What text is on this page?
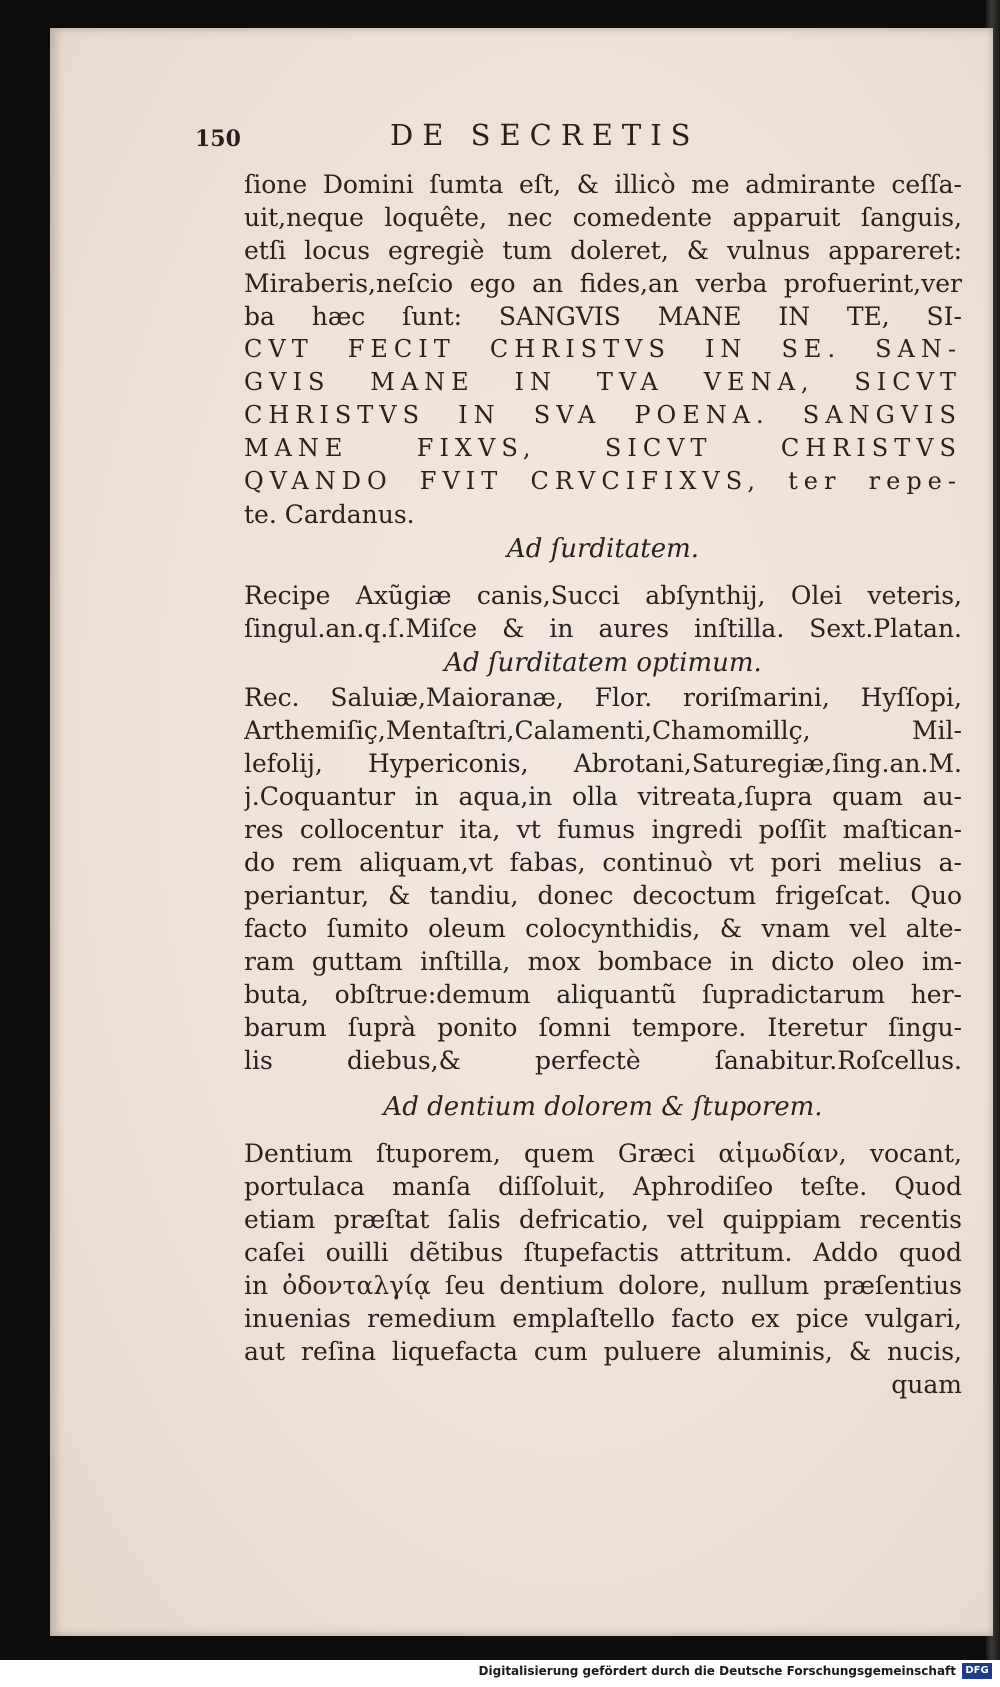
150	DE SECRETIS
ſione Domini ſumta eſt, & illicò me admirante ceſſa-
uit,neque loquête, nec comedente apparuit ſanguis,
etſi locus egregiè tum doleret, & vulnus appareret:
Miraberis,neſcio ego an fides,an verba profuerint,ver
ba hæc ſunt: SANGVIS MANE IN TE, SI-
CVT FECIT CHRISTVS IN SE. SAN-
GVIS MANE IN TVA VENA, SICVT
CHRISTVS IN SVA POENA. SANGVIS
MANE FIXVS, SICVT CHRISTVS
QVANDO FVIT CRVCIFIXVS, ter repe-
te. Cardanus.
Ad ſurditatem.
Recipe Axũgiæ canis,Succi abſynthij, Olei veteris,
ſingul.an.q.ſ.Miſce & in aures inſtilla. Sext.Platan.
Ad ſurditatem optimum.
Rec. Saluiæ,Maioranæ, Flor. roriſmarini, Hyſſopi,
Arthemiſiç,Mentaſtri,Calamenti,Chamomillç, Mil-
lefolij, Hypericonis, Abrotani,Saturegiæ,ſing.an.M.
j.Coquantur in aqua,in olla vitreata,ſupra quam au-
res collocentur ita, vt fumus ingredi poſſit maſtican-
do rem aliquam,vt fabas, continuò vt pori melius a-
periantur, & tandiu, donec decoctum frigeſcat. Quo
facto ſumito oleum colocynthidis, & vnam vel alte-
ram guttam inſtilla, mox bombace in dicto oleo im-
buta, obſtrue:demum aliquantũ ſupradictarum her-
barum ſuprà ponito ſomni tempore. Iteretur ſingu-
lis diebus,& perfectè ſanabitur.Roſcellus.
Ad dentium dolorem & ſtuporem.
Dentium ſtuporem, quem Græci αἱμωδίαν, vocant,
portulaca manſa diſſoluit, Aphrodiſeo teſte. Quod
etiam præſtat ſalis defricatio, vel quippiam recentis
caſei ouilli dẽtibus ſtupefactis attritum. Addo quod
in ὀδονταλγίᾳ ſeu dentium dolore, nullum præſentius
inuenias remedium emplaſtello facto ex pice vulgari,
aut reſina liquefacta cum puluere aluminis, & nucis,
quam
Digitalisierung gefördert durch die Deutsche Forschungsgemeinschaft DFG
